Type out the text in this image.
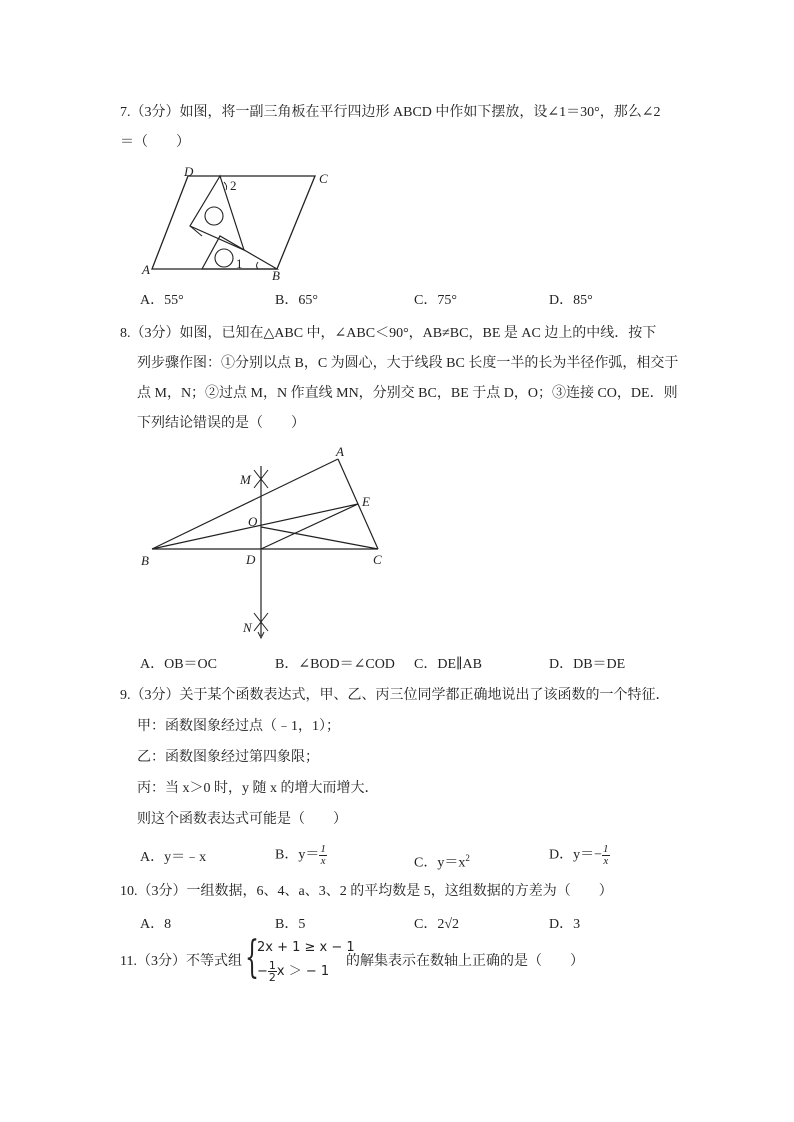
7.（3分）如图，将一副三角板在平行四边形 ABCD 中作如下摆放，设∠1＝30°，那么∠2
＝（　　）
D	C
A	B
2
1
A．55°	B．65°	C．75°	D．85°
8.（3分）如图，已知在△ABC 中，∠ABC＜90°，AB≠BC，BE 是 AC 边上的中线．按下
列步骤作图：①分别以点 B，C 为圆心，大于线段 BC 长度一半的长为半径作弧，相交于
点 M，N；②过点 M，N 作直线 MN，分别交 BC，BE 于点 D，O；③连接 CO，DE．则
下列结论错误的是（　　）
A
M
E
O
B	D	C
N
A．OB＝OC	B．∠BOD＝∠COD C．DE∥AB	D．DB＝DE
9.（3分）关于某个函数表达式，甲、乙、丙三位同学都正确地说出了该函数的一个特征．
甲：函数图象经过点（﹣1，1）；
乙：函数图象经过第四象限；
丙：当 x＞0 时，y 随 x 的增大而增大．
则这个函数表达式可能是（　　）
A．y＝﹣x	B．$y= \frac{1}{x}$	C．$y=x^2$	D．$y=- \frac{1}{x}$
10.（3分）一组数据，6、4、a、3、2 的平均数是 5，这组数据的方差为（　　）
A．8	B．5	C．2√2	D．3
11.（3分）不等式组 {
2x + 1 ≥ x − 1
− $\frac{1}{2}$ x ＞ − 1
的解集表示在数轴上正确的是（　　）
